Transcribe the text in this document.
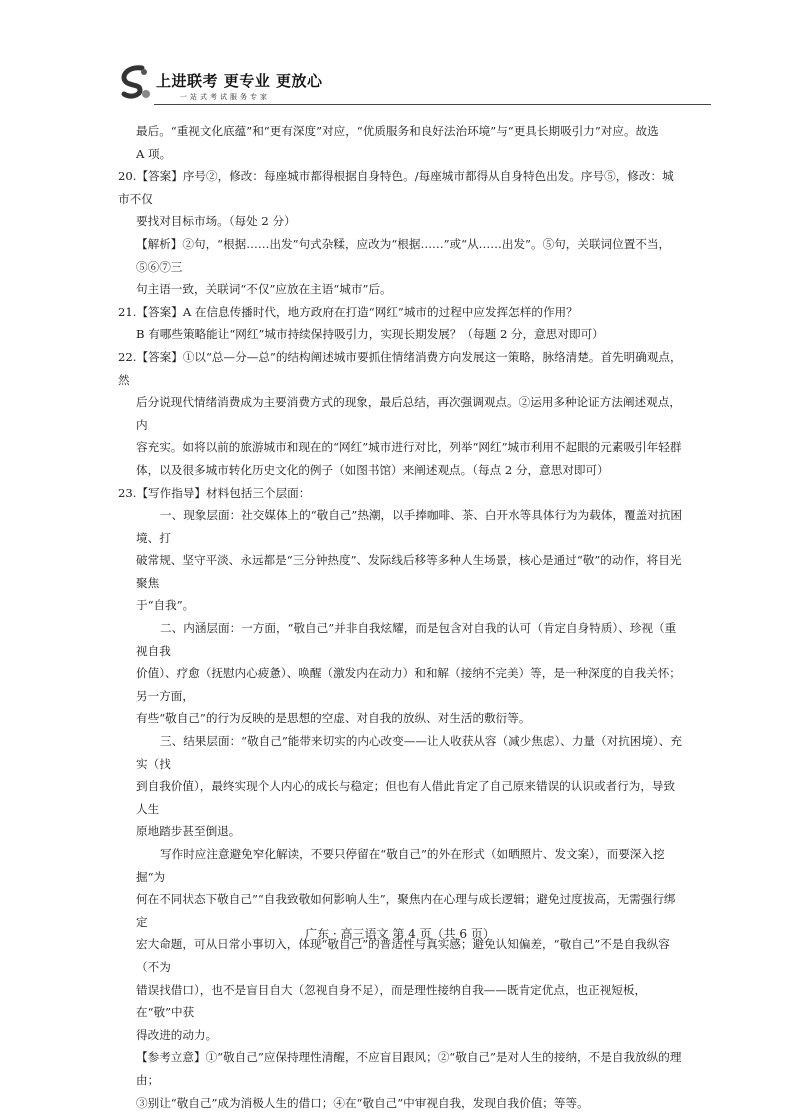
上进联考 更专业 更放心
一站式考试服务专家

最后。“重视文化底蕴”和“更有深度”对应，“优质服务和良好法治环境”与“更具长期吸引力”对应。故选

A 项。

20.【答案】序号②，修改：每座城市都得根据自身特色。/每座城市都得从自身特色出发。序号⑤，修改：城市不仅

要找对目标市场。（每处 2 分）

【解析】②句，“根据……出发”句式杂糅，应改为“根据……”或“从……出发”。⑤句，关联词位置不当，⑤⑥⑦三

句主语一致，关联词“不仅”应放在主语“城市”后。

21.【答案】A 在信息传播时代，地方政府在打造“网红”城市的过程中应发挥怎样的作用？

B 有哪些策略能让“网红”城市持续保持吸引力，实现长期发展？（每题 2 分，意思对即可）

22.【答案】①以“总—分—总”的结构阐述城市要抓住情绪消费方向发展这一策略，脉络清楚。首先明确观点，然

后分说现代情绪消费成为主要消费方式的现象，最后总结，再次强调观点。②运用多种论证方法阐述观点，内

容充实。如将以前的旅游城市和现在的“网红”城市进行对比，列举“网红”城市利用不起眼的元素吸引年轻群

体，以及很多城市转化历史文化的例子（如图书馆）来阐述观点。（每点 2 分，意思对即可）

23.【写作指导】材料包括三个层面：

一、现象层面：社交媒体上的“敬自己”热潮，以手捧咖啡、茶、白开水等具体行为为载体，覆盖对抗困境、打

破常规、坚守平淡、永远都是“三分钟热度”、发际线后移等多种人生场景，核心是通过“敬”的动作，将目光聚焦

于“自我”。

二、内涵层面：一方面，“敬自己”并非自我炫耀，而是包含对自我的认可（肯定自身特质）、珍视（重视自我

价值）、疗愈（抚慰内心疲惫）、唤醒（激发内在动力）和和解（接纳不完美）等，是一种深度的自我关怀；另一方面，

有些“敬自己”的行为反映的是思想的空虚、对自我的放纵、对生活的敷衍等。

三、结果层面：“敬自己”能带来切实的内心改变——让人收获从容（减少焦虑）、力量（对抗困境）、充实（找

到自我价值），最终实现个人内心的成长与稳定；但也有人借此肯定了自己原来错误的认识或者行为，导致人生

原地踏步甚至倒退。

写作时应注意避免窄化解读，不要只停留在“敬自己”的外在形式（如晒照片、发文案），而要深入挖掘“为

何在不同状态下敬自己”“自我致敬如何影响人生”，聚焦内在心理与成长逻辑；避免过度拔高，无需强行绑定

宏大命题，可从日常小事切入，体现“敬自己”的普适性与真实感；避免认知偏差，“敬自己”不是自我纵容（不为

错误找借口），也不是盲目自大（忽视自身不足），而是理性接纳自我——既肯定优点，也正视短板，在“敬”中获

得改进的动力。

【参考立意】①“敬自己”应保持理性清醒，不应盲目跟风；②“敬自己”是对人生的接纳，不是自我放纵的理由；

③别让“敬自己”成为消极人生的借口；④在“敬自己”中审视自我，发现自我价值；等等。

广东 · 高三语文 第 4 页（共 6 页）
